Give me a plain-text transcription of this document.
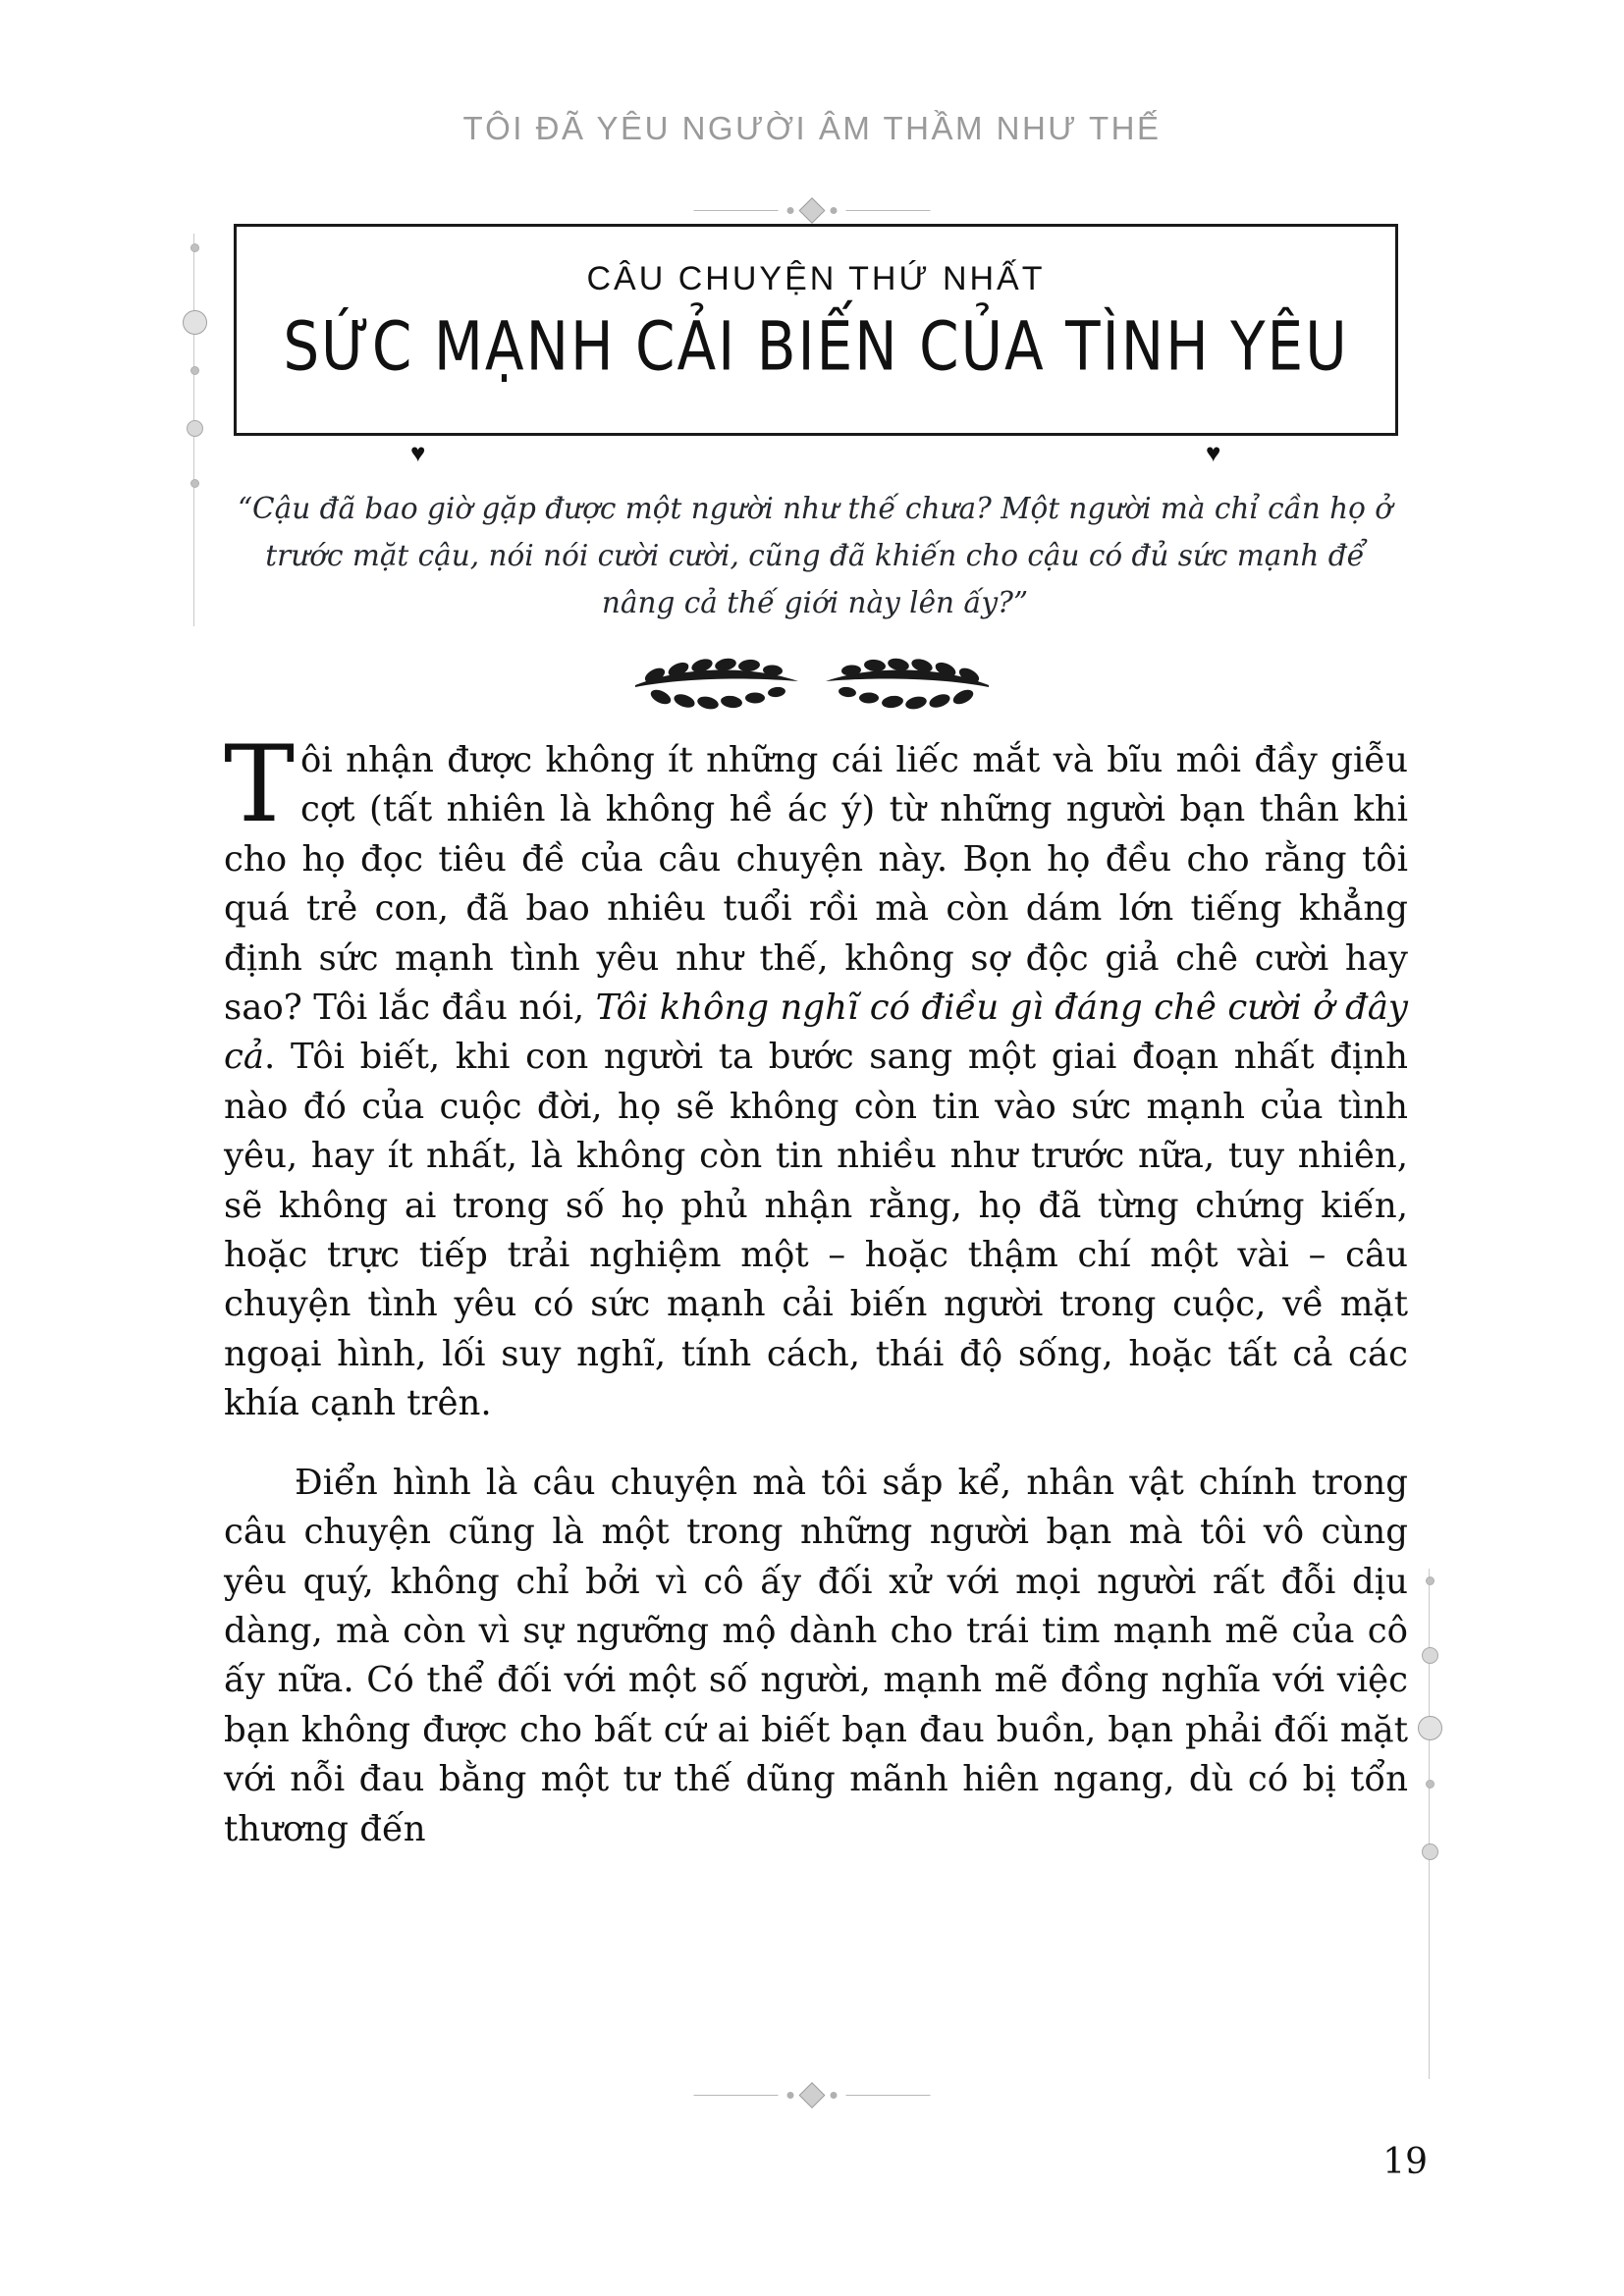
TÔI ĐÃ YÊU NGƯỜI ÂM THẦM NHƯ THẾ
CÂU CHUYỆN THỨ NHẤT
SỨC MẠNH CẢI BIẾN CỦA TÌNH YÊU
♥	♥
“Cậu đã bao giờ gặp được một người như thế chưa? Một người mà chỉ cần họ ở trước mặt cậu, nói nói cười cười, cũng đã khiến cho cậu có đủ sức mạnh để nâng cả thế giới này lên ấy?”

Tôi nhận được không ít những cái liếc mắt và bĩu môi đầy giễu cợt (tất nhiên là không hề ác ý) từ những người bạn thân khi cho họ đọc tiêu đề của câu chuyện này. Bọn họ đều cho rằng tôi quá trẻ con, đã bao nhiêu tuổi rồi mà còn dám lớn tiếng khẳng định sức mạnh tình yêu như thế, không sợ độc giả chê cười hay sao? Tôi lắc đầu nói, Tôi không nghĩ có điều gì đáng chê cười ở đây cả. Tôi biết, khi con người ta bước sang một giai đoạn nhất định nào đó của cuộc đời, họ sẽ không còn tin vào sức mạnh của tình yêu, hay ít nhất, là không còn tin nhiều như trước nữa, tuy nhiên, sẽ không ai trong số họ phủ nhận rằng, họ đã từng chứng kiến, hoặc trực tiếp trải nghiệm một – hoặc thậm chí một vài – câu chuyện tình yêu có sức mạnh cải biến người trong cuộc, về mặt ngoại hình, lối suy nghĩ, tính cách, thái độ sống, hoặc tất cả các khía cạnh trên.

Điển hình là câu chuyện mà tôi sắp kể, nhân vật chính trong câu chuyện cũng là một trong những người bạn mà tôi vô cùng yêu quý, không chỉ bởi vì cô ấy đối xử với mọi người rất đỗi dịu dàng, mà còn vì sự ngưỡng mộ dành cho trái tim mạnh mẽ của cô ấy nữa. Có thể đối với một số người, mạnh mẽ đồng nghĩa với việc bạn không được cho bất cứ ai biết bạn đau buồn, bạn phải đối mặt với nỗi đau bằng một tư thế dũng mãnh hiên ngang, dù có bị tổn thương đến

19
